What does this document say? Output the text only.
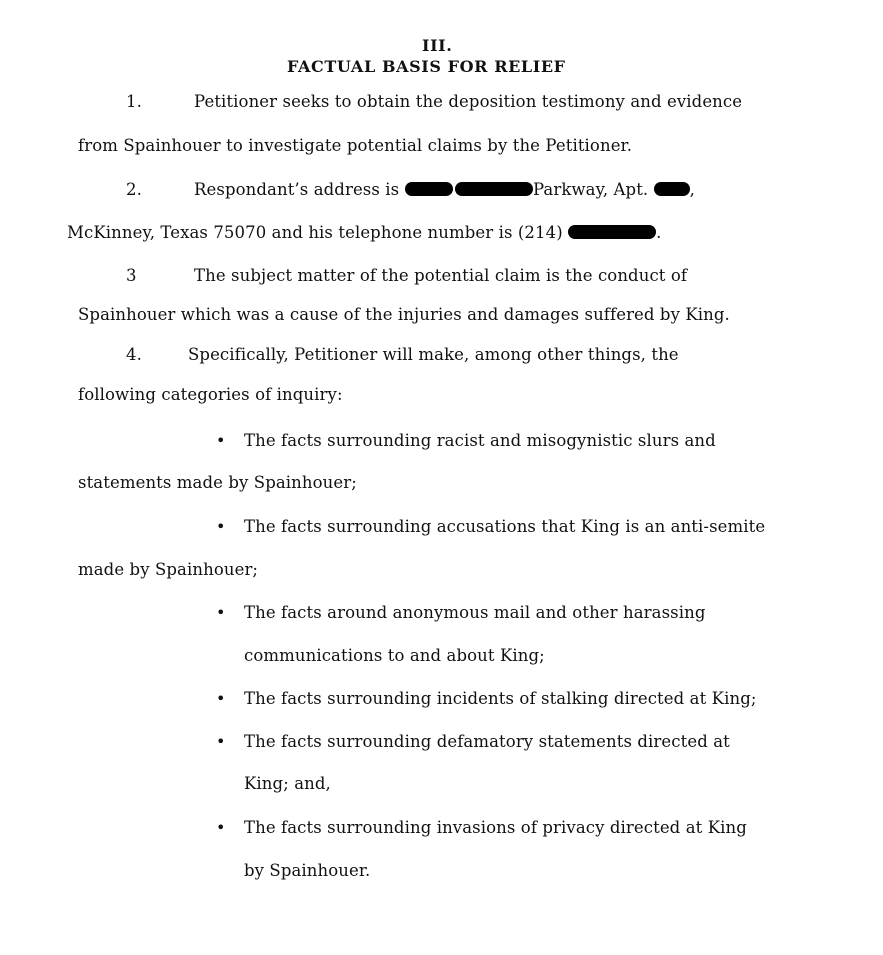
III.
FACTUAL BASIS FOR RELIEF
1.	Petitioner seeks to obtain the deposition testimony and evidence
from Spainhouer to investigate potential claims by the Petitioner.
2.	Respondant’s address is	Parkway, Apt.	,
McKinney, Texas 75070 and his telephone number is (214)	.
3	The subject matter of the potential claim is the conduct of
Spainhouer which was a cause of the injuries and damages suffered by King.
4.	Specifically, Petitioner will make, among other things, the
following categories of inquiry:
• The facts surrounding racist and misogynistic slurs and
statements made by Spainhouer;
• The facts surrounding accusations that King is an anti-semite
made by Spainhouer;
• The facts around anonymous mail and other harassing
communications to and about King;
• The facts surrounding incidents of stalking directed at King;
• The facts surrounding defamatory statements directed at
King; and,
• The facts surrounding invasions of privacy directed at King
by Spainhouer.
